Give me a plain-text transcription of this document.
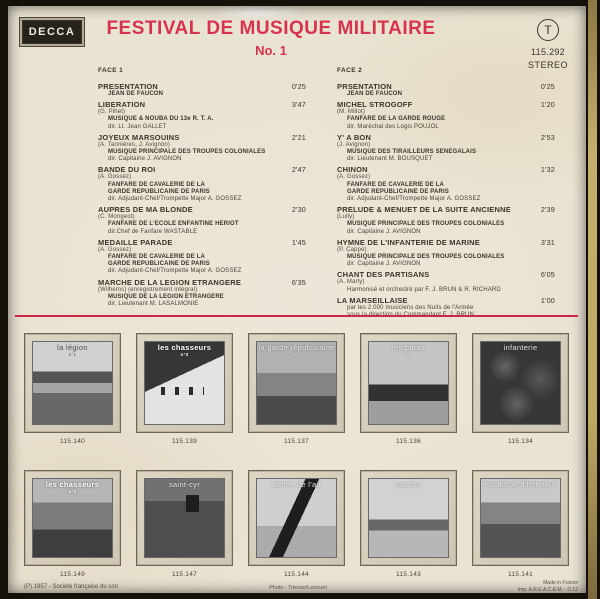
DECCA	FESTIVAL DE MUSIQUE MILITAIRE
No. 1
T
115.292
STEREO
FACE 1
PRESENTATION	0'25
JEAN DE FAUCON
LIBERATION	3'47
(G. Pihet)
MUSIQUE & NOUBA DU 13e R. T. A.
dir. Lt. Jean GALLET
JOYEUX MARSOUINS	2'21
(A. Tannières, J. Avignon)
MUSIQUE PRINCIPALE DES TROUPES COLONIALES
dir. Capitaine J. AVIGNON
BANDE DU ROI	2'47
(A. Gossez)
FANFARE DE CAVALERIE DE LA
GARDE REPUBLICAINE DE PARIS
dir. Adjudant-Chef/Trompette Major A. GOSSEZ
AUPRES DE MA BLONDE	2'30
(C. Mongeot)
FANFARE DE L'ECOLE ENFANTINE HERIOT
dir.Chef de Fanfare WASTABLE
MEDAILLE PARADE	1'45
(A. Gossez)
FANFARE DE CAVALERIE DE LA
GARDE REPUBLICAINE DE PARIS
dir. Adjudant-Chef/Trompette Major A. GOSSEZ
MARCHE DE LA LEGION ETRANGERE	6'35
(Wilhems) (enregistrement intégral)
MUSIQUE DE LA LEGION ETRANGERE
dir. Lieutenant M. LASALMONIE
FACE 2
PRSENTATION	0'25
JEAN DE FAUCON
MICHEL STROGOFF	1'20
(M. Millot)
FANFARE DE LA GARDE ROUGE
dir. Maréchal des Logis POUJOL
Y' A BON	2'53
(J. Avignon)
MUSIQUE DES TIRAILLEURS SENEGALAIS
dir. Lieutenant M. BOUSQUET
CHINON	1'32
(A. Gossez)
FANFARE DE CAVALERIE DE LA
GARDE REPUBLICAINE DE PARIS
dir. Adjudant-Chef/Trompette Major A. GOSSEZ
PRELUDE & MENUET DE LA SUITE ANCIENNE	2'39
(Lully)
MUSIQUE PRINCIPALE DES TROUPES COLONIALES
dir. Capitaine J. AVIGNON
HYMNE DE L'INFANTERIE DE MARINE	3'31
(P. Cappe)
MUSIQUE PRINCIPALE DES TROUPES COLONIALES
dir. Capitaine J. AVIGNON
CHANT DES PARTISANS	6'05
(A. Marly)
Harmonisé et orchestré par F. J. BRUN & R. RICHARD
LA MARSEILLAISE	1'00
par les 2.000 musiciens des Nuits de l'Armée
la légion
n°1
115.140
les chasseurs
n°3
115.139
la garde républicaine
n°1
115.137
les paras
n°2
115.136
infanterie
115.134
les chasseurs
n°1
115.149
saint-cyr
115.147
armée de l'air
115.144
saumur
115.143
escadron d'honneur
115.141
(P) 1957 - Société française du son	Photo : Triesse/Lezouet
Made in France
Imp. A.R.E.A.C.E.M. - D.12
